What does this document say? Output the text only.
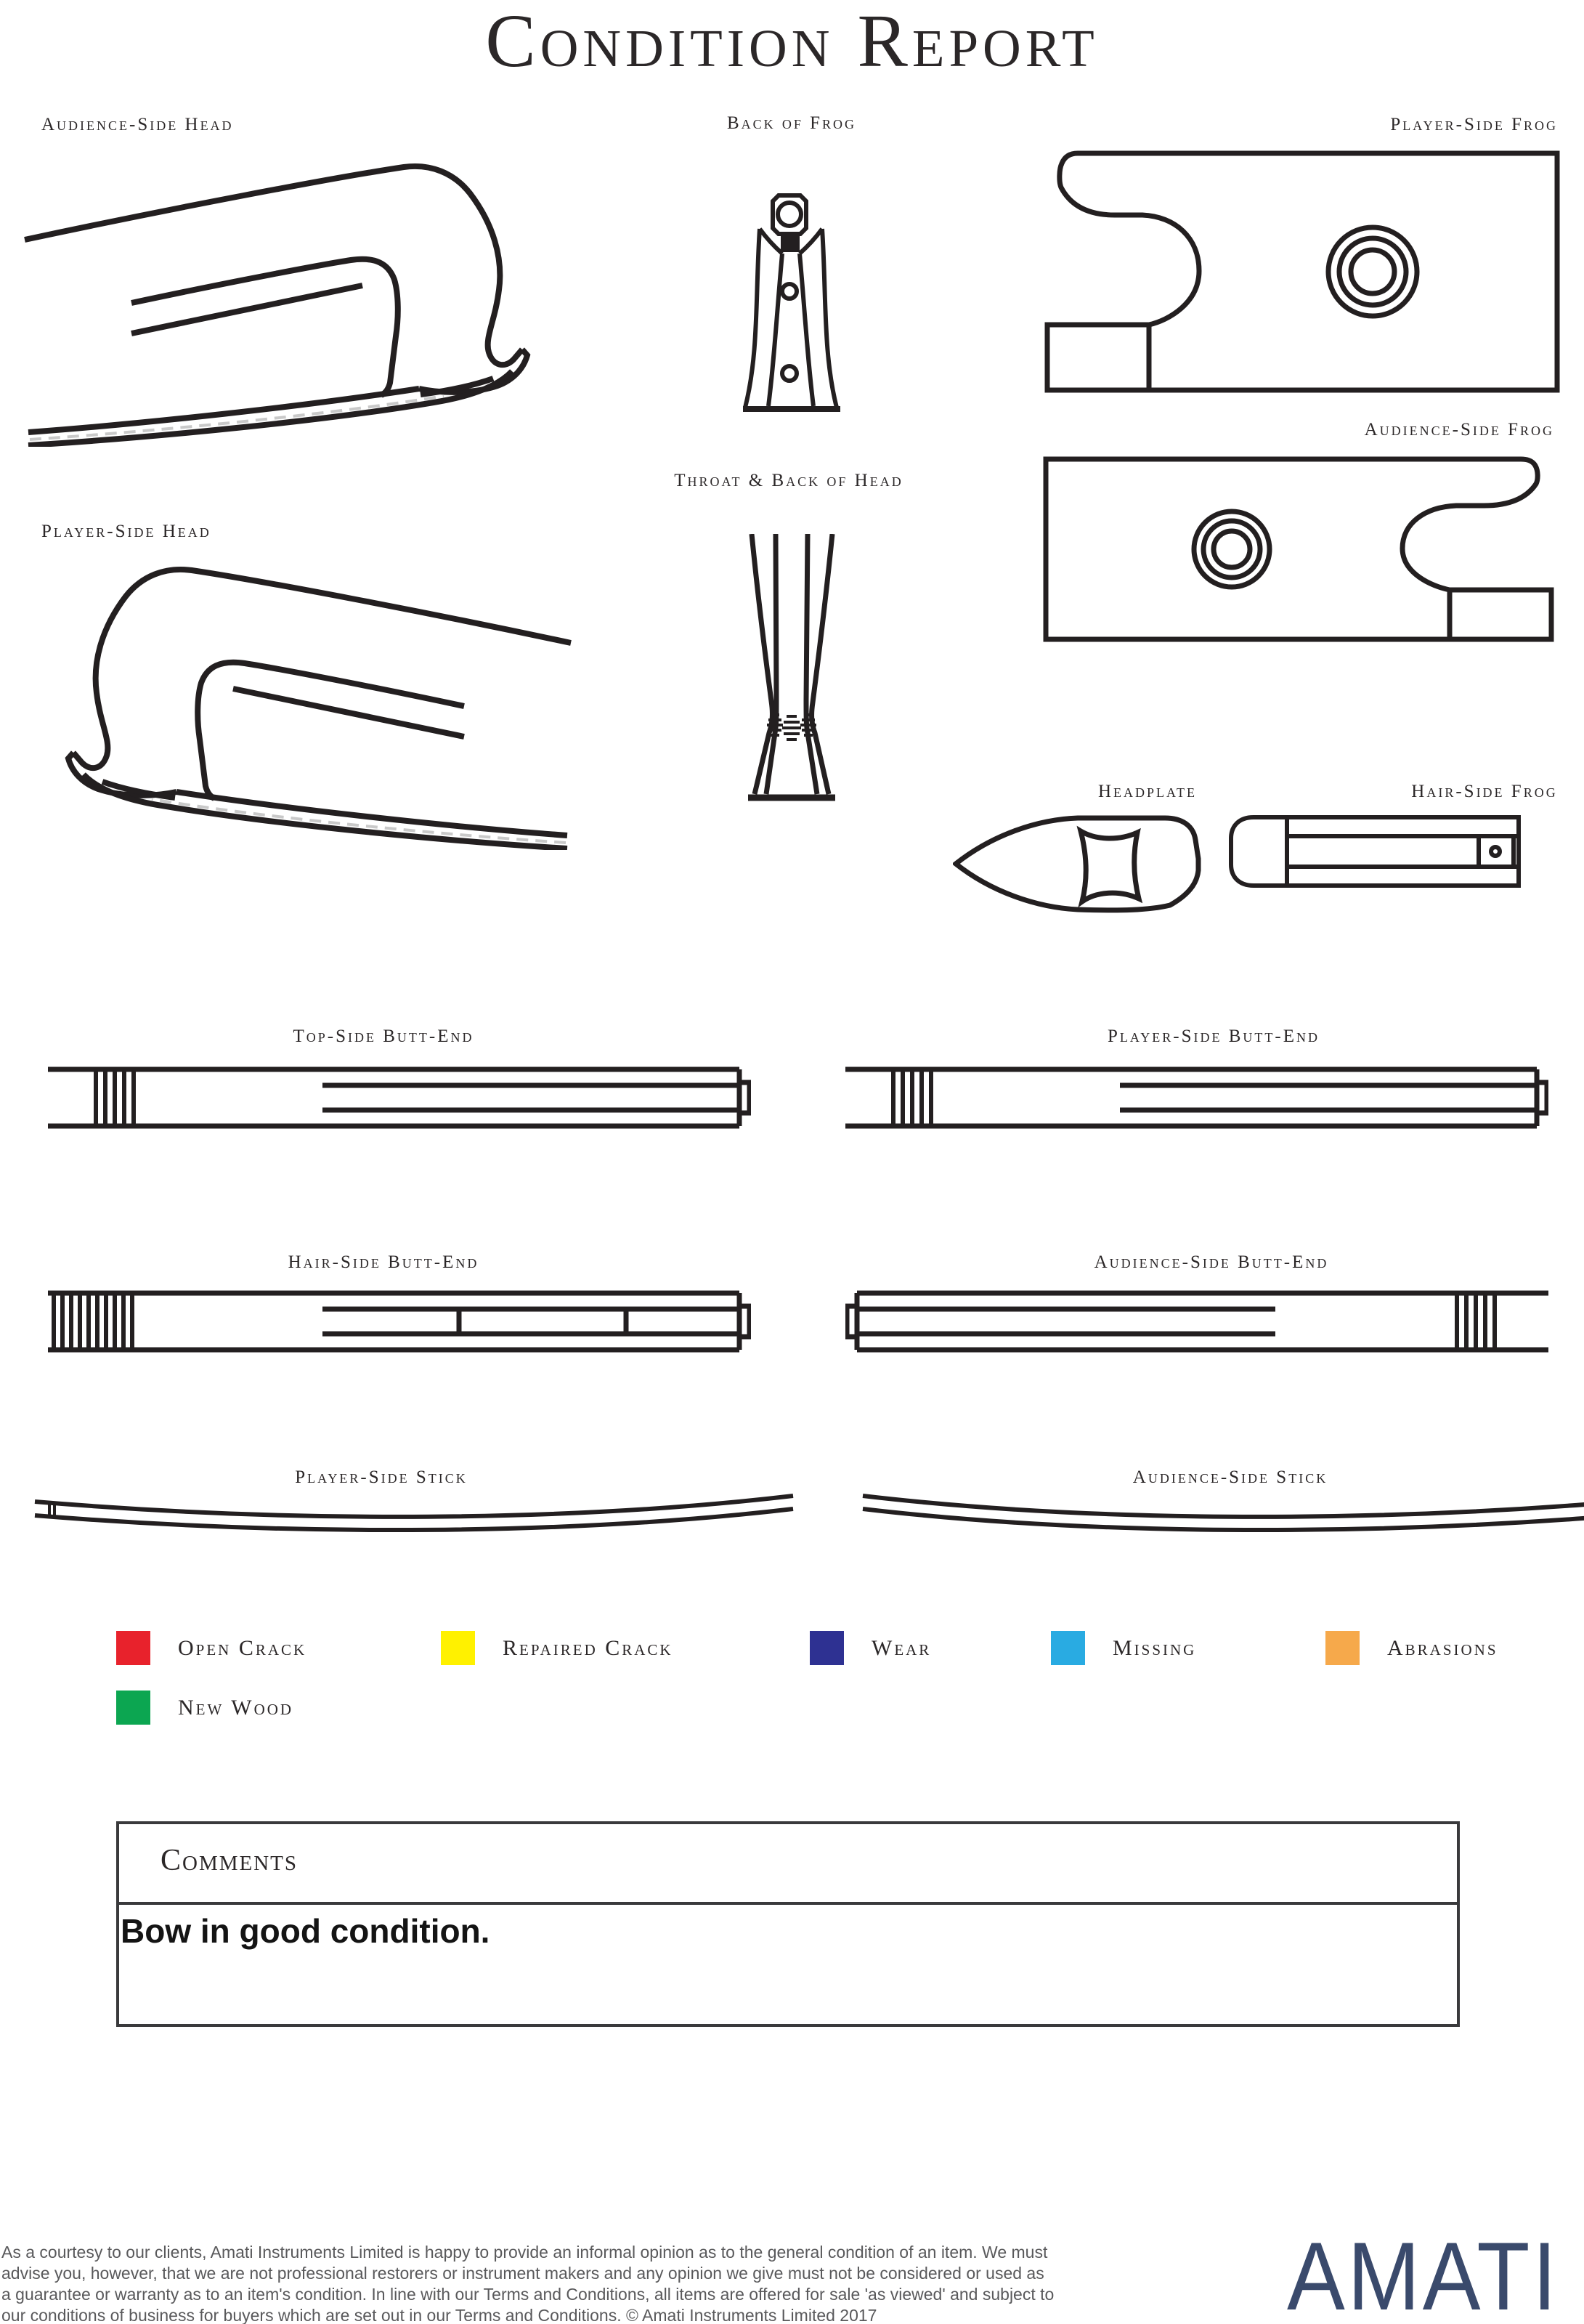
Condition Report
Audience-Side Head	Back of Frog	Player-Side Frog
Audience-Side Frog
Throat & Back of Head
Player-Side Head
Headplate	Hair-Side Frog
Top-Side Butt-End	Player-Side Butt-End
Hair-Side Butt-End	Audience-Side Butt-End
Player-Side Stick	Audience-Side Stick
Open Crack	Repaired Crack	Wear	Missing	Abrasions
New Wood
Comments
Bow in good condition.
As a courtesy to our clients, Amati Instruments Limited is happy to provide an informal opinion as to the general condition of an item. We must
advise you, however, that we are not professional restorers or instrument makers and any opinion we give must not be considered or used as
a guarantee or warranty as to an item's condition. In line with our Terms and Conditions, all items are offered for sale 'as viewed' and subject to
our conditions of business for buyers which are set out in our Terms and Conditions. © Amati Instruments Limited 2017	AMATI
